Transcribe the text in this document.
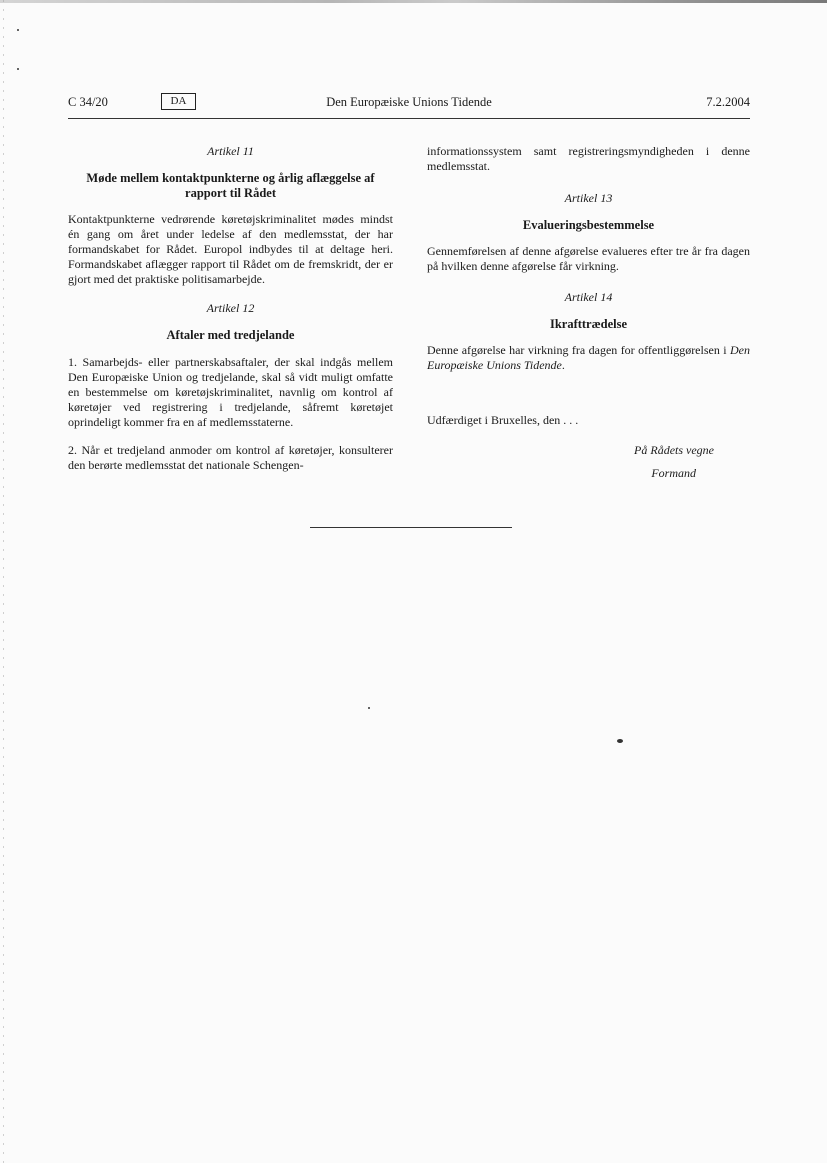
C 34/20	DA	Den Europæiske Unions Tidende	7.2.2004

Artikel 11

Møde mellem kontaktpunkterne og årlig aflæggelse af

rapport til Rådet

Kontaktpunkterne vedrørende køretøjskriminalitet mødes mindst én gang om året under ledelse af den medlemsstat, der har formandskabet for Rådet. Europol indbydes til at deltage heri. Formandskabet aflægger rapport til Rådet om de fremskridt, der er gjort med det praktiske politisamarbejde.

Artikel 12

Aftaler med tredjelande

1. Samarbejds- eller partnerskabsaftaler, der skal indgås mellem Den Europæiske Union og tredjelande, skal så vidt muligt omfatte en bestemmelse om køretøjskriminalitet, navnlig om kontrol af køretøjer ved registrering i tredjelande, såfremt køretøjet oprindeligt kommer fra en af medlemsstaterne.

2. Når et tredjeland anmoder om kontrol af køretøjer, konsulterer den berørte medlemsstat det nationale Schengen-

informationssystem samt registreringsmyndigheden i denne medlemsstat.

Artikel 13

Evalueringsbestemmelse

Gennemførelsen af denne afgørelse evalueres efter tre år fra dagen på hvilken denne afgørelse får virkning.

Artikel 14

Ikrafttrædelse

Denne afgørelse har virkning fra dagen for offentliggørelsen i Den Europæiske Unions Tidende.

Udfærdiget i Bruxelles, den . . .

På Rådets vegne

Formand
